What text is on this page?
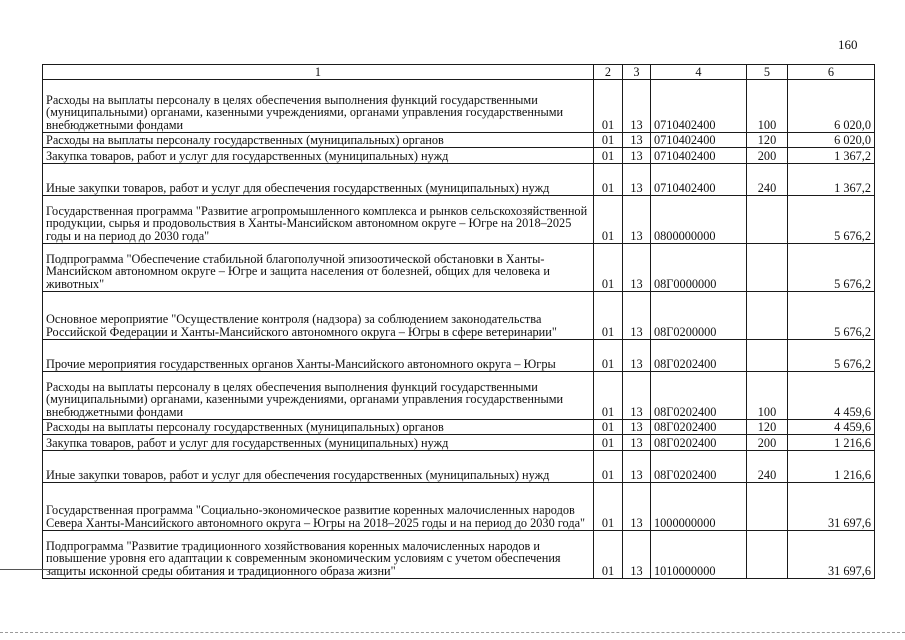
160
1	2	3	4	5	6
Расходы на выплаты персоналу в целях обеспечения выполнения функций государственными (муниципальными) органами, казенными учреждениями, органами управления государственными внебюджетными фондами	01	13	0710402400	100	6 020,0
Расходы на выплаты персоналу государственных (муниципальных) органов	01	13	0710402400	120	6 020,0
Закупка товаров, работ и услуг для государственных (муниципальных) нужд	01	13	0710402400	200	1 367,2
Иные закупки товаров, работ и услуг для обеспечения государственных (муниципальных) нужд	01	13	0710402400	240	1 367,2
Государственная программа "Развитие агропромышленного комплекса и рынков сельскохозяйственной продукции, сырья и продовольствия в Ханты-Мансийском автономном округе – Югре на 2018–2025 годы и на период до 2030 года"	01	13	0800000000		5 676,2
Подпрограмма "Обеспечение стабильной благополучной эпизоотической обстановки в Ханты-Мансийском автономном округе – Югре и защита населения от болезней, общих для человека и животных"	01	13	08Г0000000		5 676,2
Основное мероприятие "Осуществление контроля (надзора) за соблюдением законодательства Российской Федерации и Ханты-Мансийского автономного округа – Югры в сфере ветеринарии"	01	13	08Г0200000		5 676,2
Прочие мероприятия государственных органов Ханты-Мансийского автономного округа – Югры	01	13	08Г0202400		5 676,2
Расходы на выплаты персоналу в целях обеспечения выполнения функций государственными (муниципальными) органами, казенными учреждениями, органами управления государственными внебюджетными фондами	01	13	08Г0202400	100	4 459,6
Расходы на выплаты персоналу государственных (муниципальных) органов	01	13	08Г0202400	120	4 459,6
Закупка товаров, работ и услуг для государственных (муниципальных) нужд	01	13	08Г0202400	200	1 216,6
Иные закупки товаров, работ и услуг для обеспечения государственных (муниципальных) нужд	01	13	08Г0202400	240	1 216,6
Государственная программа "Социально-экономическое развитие коренных малочисленных народов Севера Ханты-Мансийского автономного округа – Югры на 2018–2025 годы и на период до 2030 года"	01	13	1000000000		31 697,6
Подпрограмма "Развитие традиционного хозяйствования коренных малочисленных народов и повышение уровня его адаптации к современным экономическим условиям с учетом обеспечения защиты исконной среды обитания и традиционного образа жизни"	01	13	1010000000		31 697,6
